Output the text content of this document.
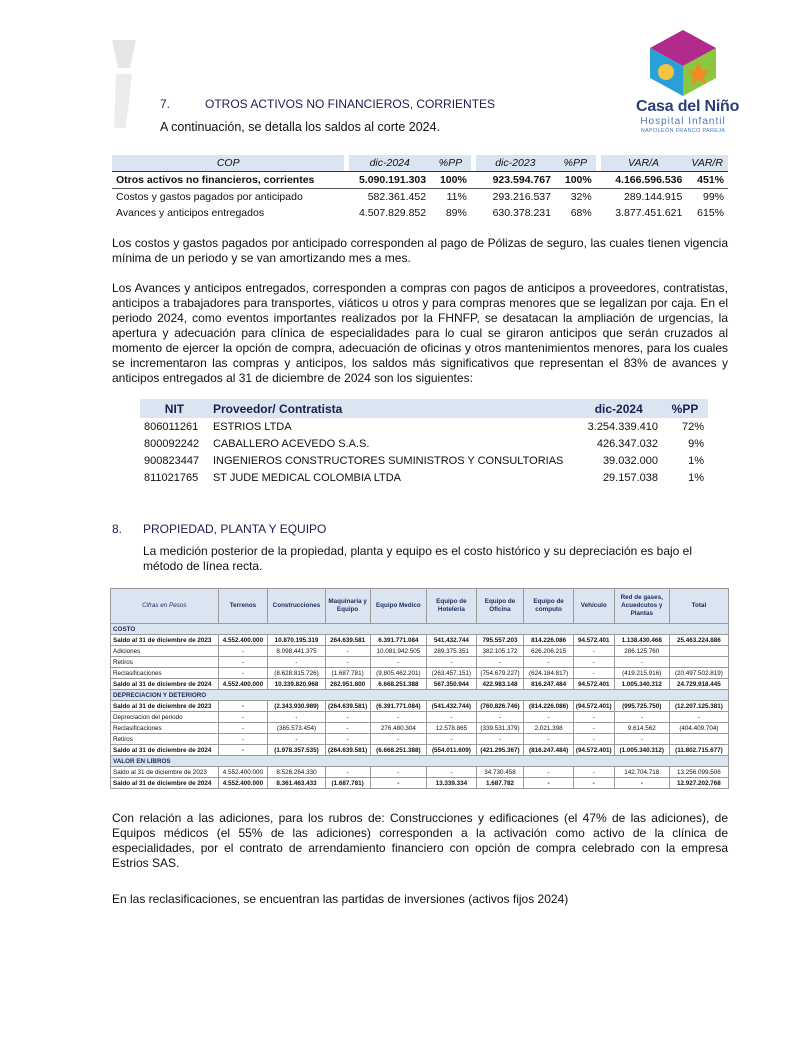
Casa del Niño
Hospital Infantil
NAPOLEÓN FRANCO PAREJA
7.	OTROS ACTIVOS NO FINANCIEROS, CORRIENTES
A continuación, se detalla los saldos al corte 2024.
COP		dic-2024	%PP		dic-2023	%PP		VAR/A	VAR/R
Otros activos no financieros, corrientes		5.090.191.303	100%		923.594.767	100%		4.166.596.536	451%
Costos y gastos pagados por anticipado		582.361.452	11%		293.216.537	32%		289.144.915	99%
Avances y anticipos entregados		4.507.829.852	89%		630.378.231	68%		3.877.451.621	615%

Los costos y gastos pagados por anticipado corresponden al pago de Pólizas de seguro, las cuales tienen vigencia mínima de un periodo y se van amortizando mes a mes.

Los Avances y anticipos entregados, corresponden a compras con pagos de anticipos a proveedores, contratistas, anticipos a trabajadores para transportes, viáticos u otros y para compras menores que se legalizan por caja. En el periodo 2024, como eventos importantes realizados por la FHNFP, se desatacan la ampliación de urgencias, la apertura y adecuación para clínica de especialidades para lo cual se giraron anticipos que serán cruzados al momento de ejercer la opción de compra, adecuación de oficinas y otros mantenimientos menores, para los cuales se incrementaron las compras y anticipos, los saldos más significativos que representan el 83% de avances y anticipos entregados al 31 de diciembre de 2024 son los siguientes:

NIT	Proveedor/ Contratista	dic-2024	%PP
806011261	ESTRIOS LTDA	3.254.339.410	72%
800092242	CABALLERO ACEVEDO S.A.S.	426.347.032	9%
900823447	INGENIEROS CONSTRUCTORES SUMINISTROS Y CONSULTORIAS	39.032.000	1%
811021765	ST JUDE MEDICAL COLOMBIA LTDA	29.157.038	1%
8. PROPIEDAD, PLANTA Y EQUIPO

La medición posterior de la propiedad, planta y equipo es el costo histórico y su depreciación es bajo el método de línea recta.

Cifras en Pesos	Terrenos	Construcciones	Maquinaria y Equipo	Equipo Medico	Equipo de Hoteleria	Equipo de Oficina	Equipo de cómputo	Vehículo	Red de gases, Acuedcutos y Plantas	Total
COSTO										
Saldo al 31 de diciembre de 2023	4.552.400.000	10.870.195.319	264.639.581	6.391.771.084	541.432.744	795.557.203	814.226.086	94.572.401	1.138.430.468	25.463.224.886
Adiciones	-	8.098.441.375	-	10.081.942.505	289.375.351	382.105.172	626.206.215	-	286.125.760	
Retiros	-	-	-	-	-	-	-	-	-	
Reclasificaciones	-	(8.628.815.726)	(1.687.781)	(9.805.462.201)	(263.457.151)	(754.679.227)	(624.184.817)	-	(419.215.916)	(20.497.502.819)
Saldo al 31 de diciembre de 2024	4.552.400.000	10.339.820.968	262.951.800	6.668.251.388	567.350.944	422.983.148	816.247.484	94.572.401	1.005.340.312	24.729.918.445
DEPRECIACION Y DETERIORO										
Saldo al 31 de diciembre de 2023	-	(2.343.930.989)	(264.639.581)	(6.391.771.084)	(541.432.744)	(760.826.746)	(814.226.086)	(94.572.401)	(995.725.750)	(12.207.125.381)
Depreciacion del periodo	-	-	-	-	-	-	-	-	-	-
Reclasificaciones	-	(365.573.454)	-	276.480.304	12.578.865	(339.531.379)	2.021.398	-	9.614.562	(404.409.704)
Retiros	-	-	-	-	-	-	-	-	-	
Saldo al 31 de diciembre de 2024	-	(1.978.357.535)	(264.639.581)	(6.668.251.388)	(554.011.609)	(421.295.367)	(816.247.484)	(94.572.401)	(1.005.340.312)	(11.802.715.677)
VALOR EN LIBROS										
Saldo al 31 de diciembre de 2023	4.552.400.000	8.526.264.330	-	-	-	34.730.458	-	-	142.704.718	13.256.099.506
Saldo al 31 de diciembre de 2024	4.552.400.000	8.361.463.433	(1.687.781)	-	13.339.334	1.687.782	-	-	-	12.927.202.768

Con relación a las adiciones, para los rubros de: Construcciones y edificaciones (el 47% de las adiciones), de Equipos médicos (el 55% de las adiciones) corresponden a la activación como activo de la clínica de especialidades, por el contrato de arrendamiento financiero con opción de compra celebrado con la empresa Estrios SAS.

En las reclasificaciones, se encuentran las partidas de inversiones (activos fijos 2024)
